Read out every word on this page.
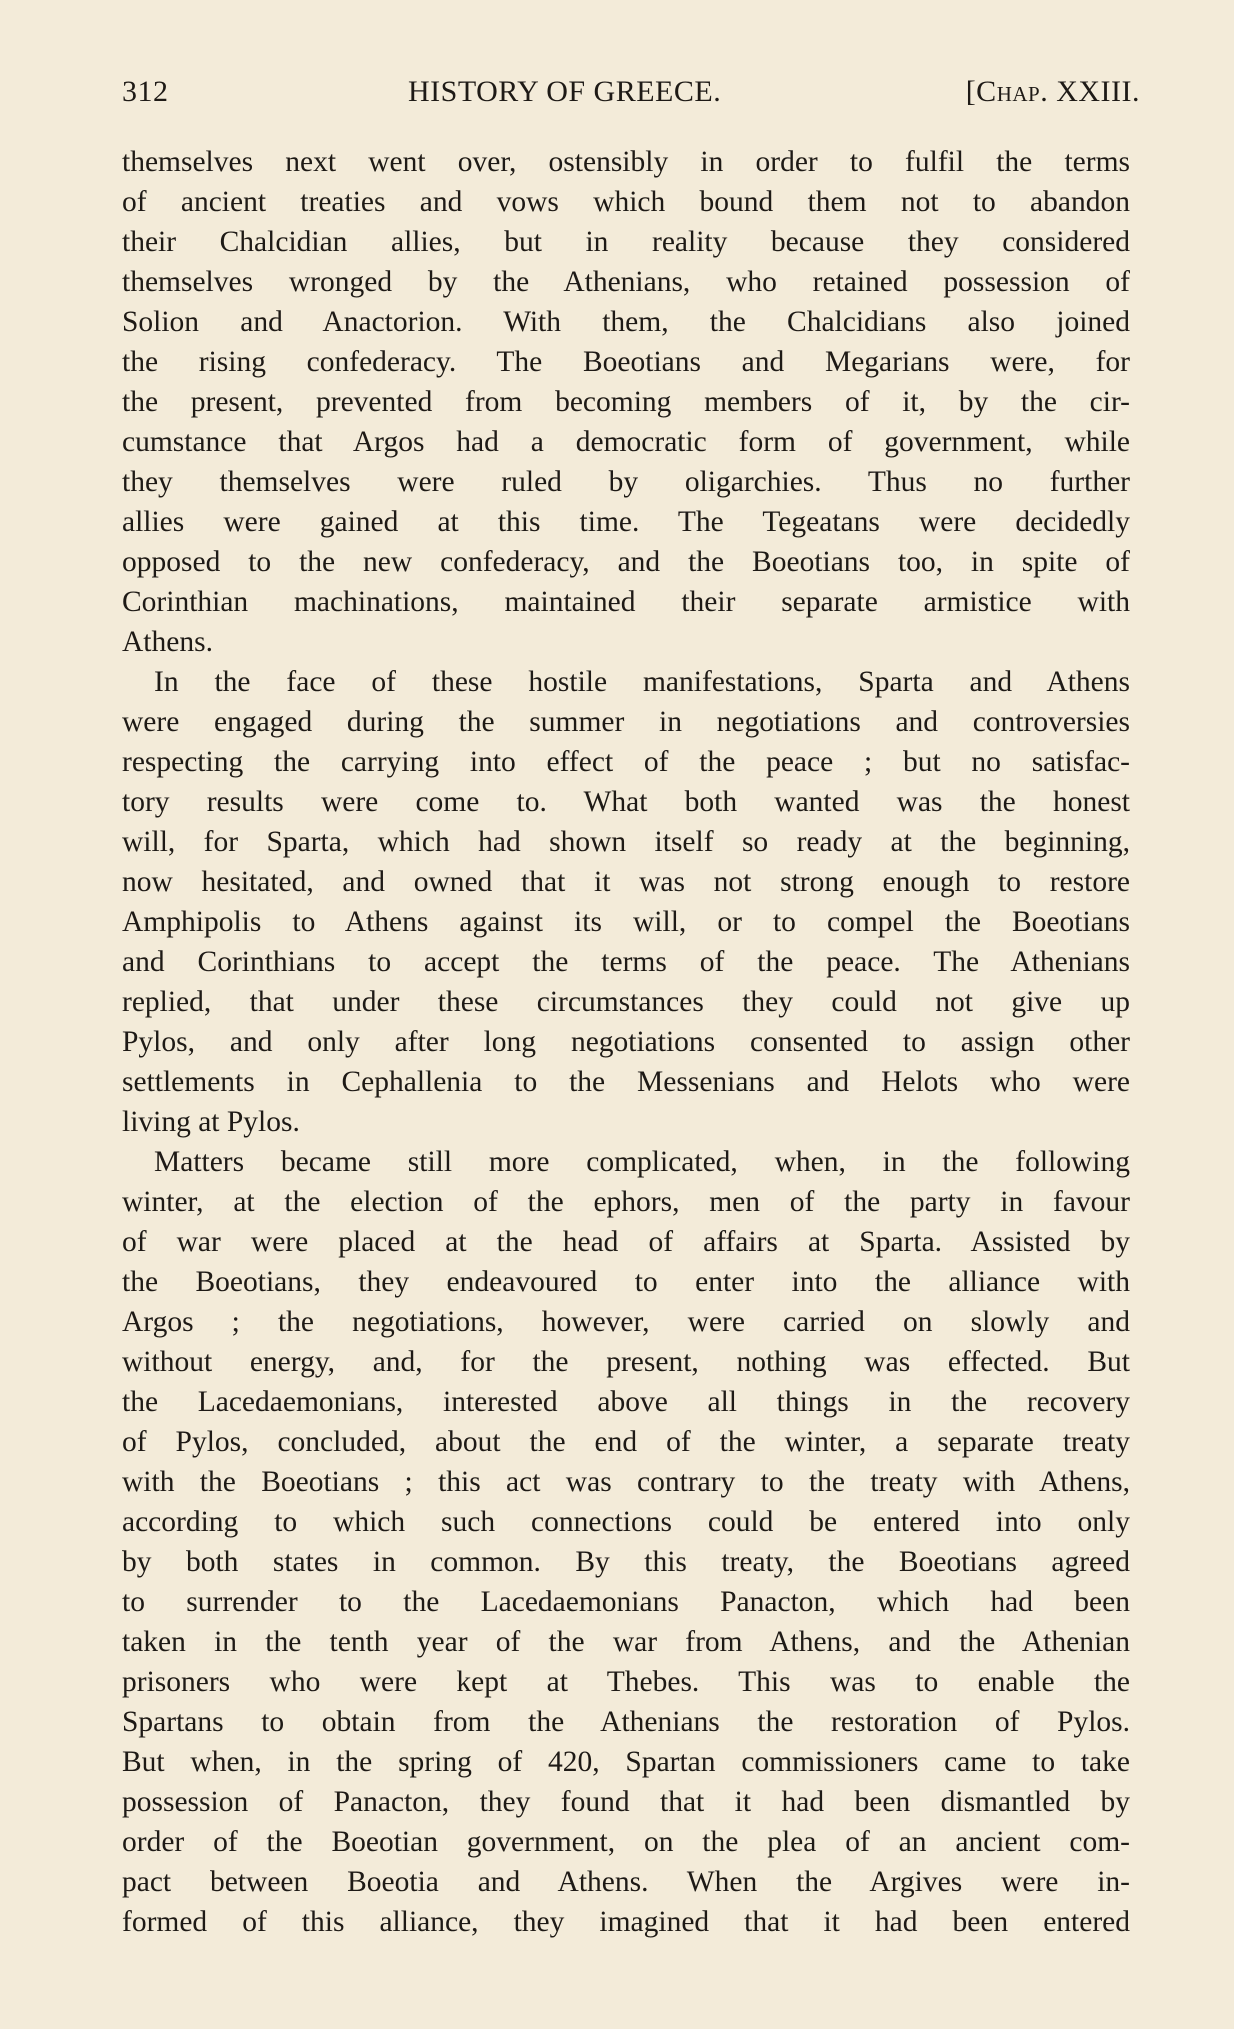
312	HISTORY OF GREECE.	[Chap. XXIII.
themselves next went over, ostensibly in order to fulfil the terms
of ancient treaties and vows which bound them not to abandon
their Chalcidian allies, but in reality because they considered
themselves wronged by the Athenians, who retained possession of
Solion and Anactorion. With them, the Chalcidians also joined
the rising confederacy. The Boeotians and Megarians were, for
the present, prevented from becoming members of it, by the cir-
cumstance that Argos had a democratic form of government, while
they themselves were ruled by oligarchies. Thus no further
allies were gained at this time. The Tegeatans were decidedly
opposed to the new confederacy, and the Boeotians too, in spite of
Corinthian machinations, maintained their separate armistice with
Athens.
In the face of these hostile manifestations, Sparta and Athens
were engaged during the summer in negotiations and controversies
respecting the carrying into effect of the peace ; but no satisfac-
tory results were come to. What both wanted was the honest
will, for Sparta, which had shown itself so ready at the beginning,
now hesitated, and owned that it was not strong enough to restore
Amphipolis to Athens against its will, or to compel the Boeotians
and Corinthians to accept the terms of the peace. The Athenians
replied, that under these circumstances they could not give up
Pylos, and only after long negotiations consented to assign other
settlements in Cephallenia to the Messenians and Helots who were
living at Pylos.
Matters became still more complicated, when, in the following
winter, at the election of the ephors, men of the party in favour
of war were placed at the head of affairs at Sparta. Assisted by
the Boeotians, they endeavoured to enter into the alliance with
Argos ; the negotiations, however, were carried on slowly and
without energy, and, for the present, nothing was effected. But
the Lacedaemonians, interested above all things in the recovery
of Pylos, concluded, about the end of the winter, a separate treaty
with the Boeotians ; this act was contrary to the treaty with Athens,
according to which such connections could be entered into only
by both states in common. By this treaty, the Boeotians agreed
to surrender to the Lacedaemonians Panacton, which had been
taken in the tenth year of the war from Athens, and the Athenian
prisoners who were kept at Thebes. This was to enable the
Spartans to obtain from the Athenians the restoration of Pylos.
But when, in the spring of 420, Spartan commissioners came to take
possession of Panacton, they found that it had been dismantled by
order of the Boeotian government, on the plea of an ancient com-
pact between Boeotia and Athens. When the Argives were in-
formed of this alliance, they imagined that it had been entered
